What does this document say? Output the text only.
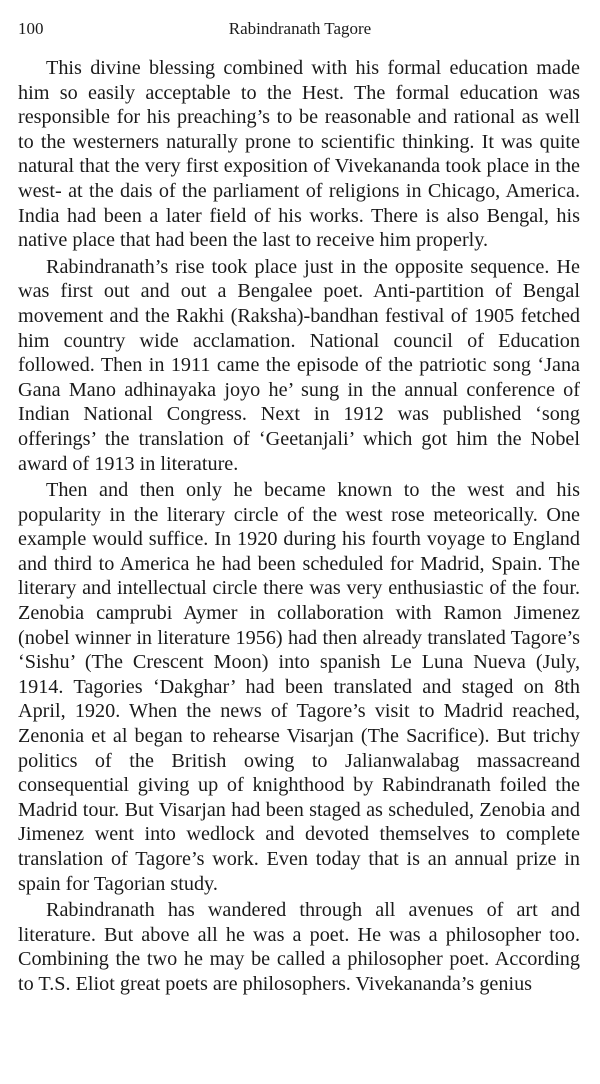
100	Rabindranath Tagore

This divine blessing combined with his formal education made him so easily acceptable to the Hest. The formal education was responsible for his preaching’s to be reasonable and rational as well to the westerners naturally prone to scientific thinking. It was quite natural that the very first exposition of Vivekananda took place in the west- at the dais of the parliament of religions in Chicago, America. India had been a later field of his works. There is also Bengal, his native place that had been the last to receive him properly.

Rabindranath’s rise took place just in the opposite sequence. He was first out and out a Bengalee poet. Anti-partition of Bengal movement and the Rakhi (Raksha)-bandhan festival of 1905 fetched him country wide acclamation. National council of Education followed. Then in 1911 came the episode of the patriotic song ‘Jana Gana Mano adhinayaka joyo he’ sung in the annual conference of Indian National Congress. Next in 1912 was published ‘song offerings’ the translation of ‘Geetanjali’ which got him the Nobel award of 1913 in literature.

Then and then only he became known to the west and his popularity in the literary circle of the west rose meteorically. One example would suffice. In 1920 during his fourth voyage to England and third to America he had been scheduled for Madrid, Spain. The literary and intellectual circle there was very enthusiastic of the four. Zenobia camprubi Aymer in collaboration with Ramon Jimenez (nobel winner in literature 1956) had then already translated Tagore’s ‘Sishu’ (The Crescent Moon) into spanish Le Luna Nueva (July, 1914. Tagories ‘Dakghar’ had been translated and staged on 8th April, 1920. When the news of Tagore’s visit to Madrid reached, Zenonia et al began to rehearse Visarjan (The Sacrifice). But trichy politics of the British owing to Jalianwalabag massacreand consequential giving up of knighthood by Rabindranath foiled the Madrid tour. But Visarjan had been staged as scheduled, Zenobia and Jimenez went into wedlock and devoted themselves to complete translation of Tagore’s work. Even today that is an annual prize in spain for Tagorian study.

Rabindranath has wandered through all avenues of art and literature. But above all he was a poet. He was a philosopher too. Combining the two he may be called a philosopher poet. According to T.S. Eliot great poets are philosophers. Vivekananda’s genius
